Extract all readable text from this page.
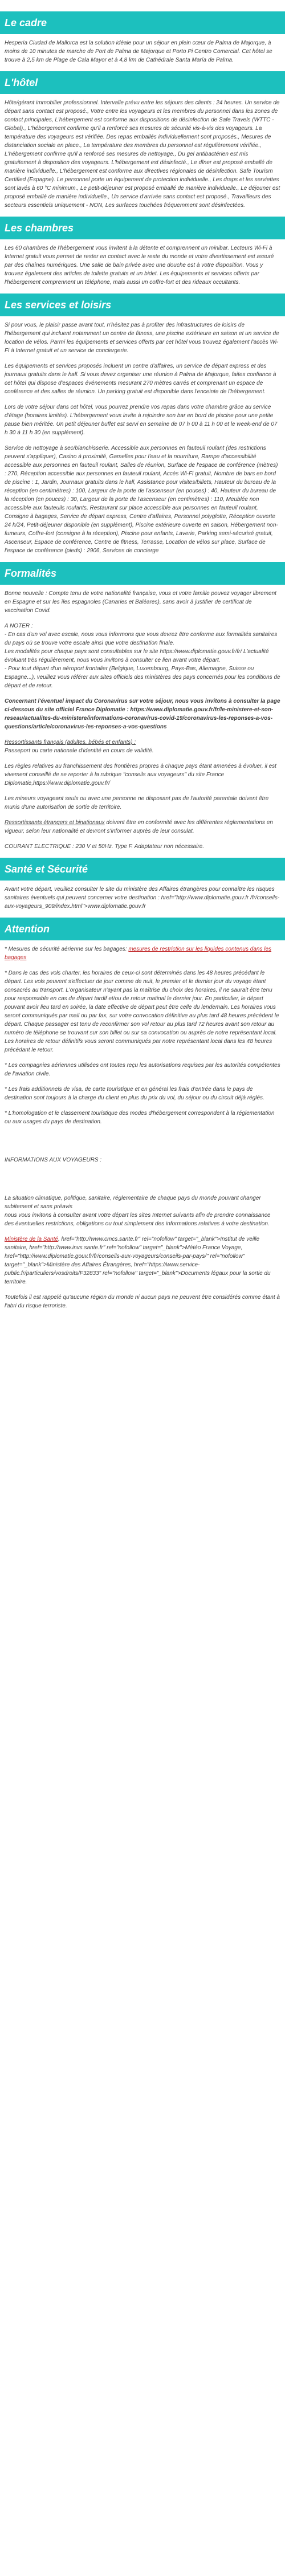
Le cadre

Hesperia Ciudad de Mallorca est la solution idéale pour un séjour en plein cœur de Palma de Majorque, à moins de 10 minutes de marche de Port de Palma de Majorque et Porto Pi Centro Comercial. Cet hôtel se trouve à 2,5 km de Plage de Cala Mayor et à 4,8 km de Cathédrale Santa María de Palma.

L'hôtel

Hôte/gérant immobilier professionnel. Intervalle prévu entre les séjours des clients : 24 heures. Un service de départ sans contact est proposé., Votre entre les voyageurs et les membres du personnel dans les zones de contact principales, L'hébergement est conforme aux dispositions de désinfection de Safe Travels (WTTC - Global)., L'hébergement confirme qu'il a renforcé ses mesures de sécurité vis-à-vis des voyageurs. La température des voyageurs est vérifiée. Des repas emballés individuellement sont proposés., Mesures de distanciation sociale en place., La température des membres du personnel est régulièrement vérifiée., L'hébergement confirme qu'il a renforcé ses mesures de nettoyage., Du gel antibactérien est mis gratuitement à disposition des voyageurs. L'hébergement est désinfecté., Le dîner est proposé emballé de manière individuelle., L'hébergement est conforme aux directives régionales de désinfection. Safe Tourism Certified (Espagne). Le personnel porte un équipement de protection individuelle., Les draps et les serviettes sont lavés à 60 °C minimum., Le petit-déjeuner est proposé emballé de manière individuelle., Le déjeuner est proposé emballé de manière individuelle., Un service d'arrivée sans contact est proposé., Travailleurs des secteurs essentiels uniquement - NON, Les surfaces touchées fréquemment sont désinfectées.

Les chambres

Les 60 chambres de l'hébergement vous invitent à la détente et comprennent un minibar. Lecteurs Wi-Fi à Internet gratuit vous permet de rester en contact avec le reste du monde et votre divertissement est assuré par des chaînes numériques. Une salle de bain privée avec une douche est à votre disposition. Vous y trouvez également des articles de toilette gratuits et un bidet. Les équipements et services offerts par l'hébergement comprennent un téléphone, mais aussi un coffre-fort et des rideaux occultants.

Les services et loisirs

Si pour vous, le plaisir passe avant tout, n'hésitez pas à profiter des infrastructures de loisirs de l'hébergement qui incluent notamment un centre de fitness, une piscine extérieure en saison et un service de location de vélos. Parmi les équipements et services offerts par cet hôtel vous trouvez également l'accès Wi-Fi à Internet gratuit et un service de conciergerie.

Les équipements et services proposés incluent un centre d'affaires, un service de départ express et des journaux gratuits dans le hall. Si vous devez organiser une réunion à Palma de Majorque, faites confiance à cet hôtel qui dispose d'espaces événements mesurant 270 mètres carrés et comprenant un espace de conférence et des salles de réunion. Un parking gratuit est disponible dans l'enceinte de l'hébergement.

Lors de votre séjour dans cet hôtel, vous pourrez prendre vos repas dans votre chambre grâce au service d'étage (horaires limités). L'hébergement vous invite à rejoindre son bar en bord de piscine pour une petite pause bien méritée. Un petit déjeuner buffet est servi en semaine de 07 h 00 à 11 h 00 et le week-end de 07 h 30 à 11 h 30 (en supplément).

Service de nettoyage à sec/blanchisserie. Accessible aux personnes en fauteuil roulant (des restrictions peuvent s'appliquer), Casino à proximité, Gamelles pour l'eau et la nourriture, Rampe d'accessibilité accessible aux personnes en fauteuil roulant, Salles de réunion, Surface de l'espace de conférence (mètres) : 270, Réception accessible aux personnes en fauteuil roulant, Accès Wi-Fi gratuit, Nombre de bars en bord de piscine : 1, Jardin, Journaux gratuits dans le hall, Assistance pour visites/billets, Hauteur du bureau de la réception (en centimètres) : 100, Largeur de la porte de l'ascenseur (en pouces) : 40, Hauteur du bureau de la réception (en pouces) : 30, Largeur de la porte de l'ascenseur (en centimètres) : 110, Meublée non accessible aux fauteuils roulants, Restaurant sur place accessible aux personnes en fauteuil roulant, Consigne à bagages, Service de départ express, Centre d'affaires, Personnel polyglotte, Réception ouverte 24 h/24, Petit-déjeuner disponible (en supplément), Piscine extérieure ouverte en saison, Hébergement non-fumeurs, Coffre-fort (consigne à la réception), Piscine pour enfants, Laverie, Parking semi-sécurisé gratuit, Ascenseur, Espace de conférence, Centre de fitness, Terrasse, Location de vélos sur place, Surface de l'espace de conférence (pieds) : 2906, Services de concierge

Formalités

Bonne nouvelle : Compte tenu de votre nationalité française, vous et votre famille pouvez voyager librement en Espagne et sur les îles espagnoles (Canaries et Baléares), sans avoir à justifier de certificat de vaccination Covid.

A NOTER :
- En cas d'un vol avec escale, nous vous informons que vous devrez être conforme aux formalités sanitaires du pays où se trouve votre escale ainsi que votre destination finale.
Les modalités pour chaque pays sont consultables sur le site https://www.diplomatie.gouv.fr/fr/ L'actualité évoluant très régulièrement, nous vous invitons à consulter ce lien avant votre départ.
- Pour tout départ d'un aéroport frontalier (Belgique, Luxembourg, Pays-Bas, Allemagne, Suisse ou Espagne...), veuillez vous référer aux sites officiels des ministères des pays concernés pour les conditions de départ et de retour.

Concernant l'éventuel impact du Coronavirus sur votre séjour, nous vous invitons à consulter la page ci-dessous du site officiel France Diplomatie : https://www.diplomatie.gouv.fr/fr/le-ministere-et-son-reseau/actualites-du-ministere/informations-coronavirus-covid-19/coronavirus-les-reponses-a-vos-questions/article/coronavirus-les-reponses-a-vos-questions

Ressortissants français (adultes, bébés et enfants) :
Passeport ou carte nationale d'identité en cours de validité.

Les règles relatives au franchissement des frontières propres à chaque pays étant amenées à évoluer, il est vivement conseillé de se reporter à la rubrique "conseils aux voyageurs" du site France Diplomatie,https://www.diplomatie.gouv.fr/

Les mineurs voyageant seuls ou avec une personne ne disposant pas de l'autorité parentale doivent être munis d'une autorisation de sortie de territoire.

Ressortissants étrangers et binationaux doivent être en conformité avec les différentes réglementations en vigueur, selon leur nationalité et devront s'informer auprès de leur consulat.

COURANT ELECTRIQUE : 230 V et 50Hz. Type F. Adaptateur non nécessaire.

Santé et Sécurité

Avant votre départ, veuillez consulter le site du ministère des Affaires étrangères pour connaître les risques sanitaires éventuels qui peuvent concerner votre destination : href="http://www.diplomatie.gouv.fr /fr/conseils-aux-voyageurs_909/index.html">www.diplomatie.gouv.fr

Attention

* Mesures de sécurité aérienne sur les bagages: mesures de restriction sur les liquides contenus dans les bagages

* Dans le cas des vols charter, les horaires de ceux-ci sont déterminés dans les 48 heures précédant le départ. Les vols peuvent s'effectuer de jour comme de nuit, le premier et le dernier jour du voyage étant consacrés au transport. L'organisateur n'ayant pas la maîtrise du choix des horaires, il ne saurait être tenu pour responsable en cas de départ tardif et/ou de retour matinal le dernier jour. En particulier, le départ pouvant avoir lieu tard en soirée, la date effective de départ peut être celle du lendemain. Les horaires vous seront communiqués par mail ou par fax, sur votre convocation définitive au plus tard 48 heures précédent le départ. Chaque passager est tenu de reconfirmer son vol retour au plus tard 72 heures avant son retour au numéro de téléphone se trouvant sur son billet ou sur sa convocation ou auprès de notre représentant local. Les horaires de retour définitifs vous seront communiqués par notre représentant local dans les 48 heures précédant le retour.

* Les compagnies aériennes utilisées ont toutes reçu les autorisations requises par les autorités compétentes de l'aviation civile.

* Les frais additionnels de visa, de carte touristique et en général les frais d'entrée dans le pays de destination sont toujours à la charge du client en plus du prix du vol, du séjour ou du circuit déjà réglés.

* L'homologation et le classement touristique des modes d'hébergement correspondent à la réglementation ou aux usages du pays de destination.

INFORMATIONS AUX VOYAGEURS :

La situation climatique, politique, sanitaire, réglementaire de chaque pays du monde pouvant changer subitement et sans préavis
nous vous invitons à consulter avant votre départ les sites Internet suivants afin de prendre connaissance des éventuelles restrictions, obligations ou tout simplement des informations relatives à votre destination.

Ministère de la Santé, href="http://www.cmcs.sante.fr" rel="nofollow" target="_blank">Institut de veille sanitaire, href="http://www.invs.sante.fr" rel="nofollow" target="_blank">Météo France Voyage, href="http://www.diplomatie.gouv.fr/fr/conseils-aux-voyageurs/conseils-par-pays/" rel="nofollow" target="_blank">Ministère des Affaires Étrangères, href="https://www.service-public.fr/particuliers/vosdroits/F32833" rel="nofollow" target="_blank">Documents légaux pour la sortie du territoire.

Toutefois il est rappelé qu'aucune région du monde ni aucun pays ne peuvent être considérés comme étant à l'abri du risque terroriste.
